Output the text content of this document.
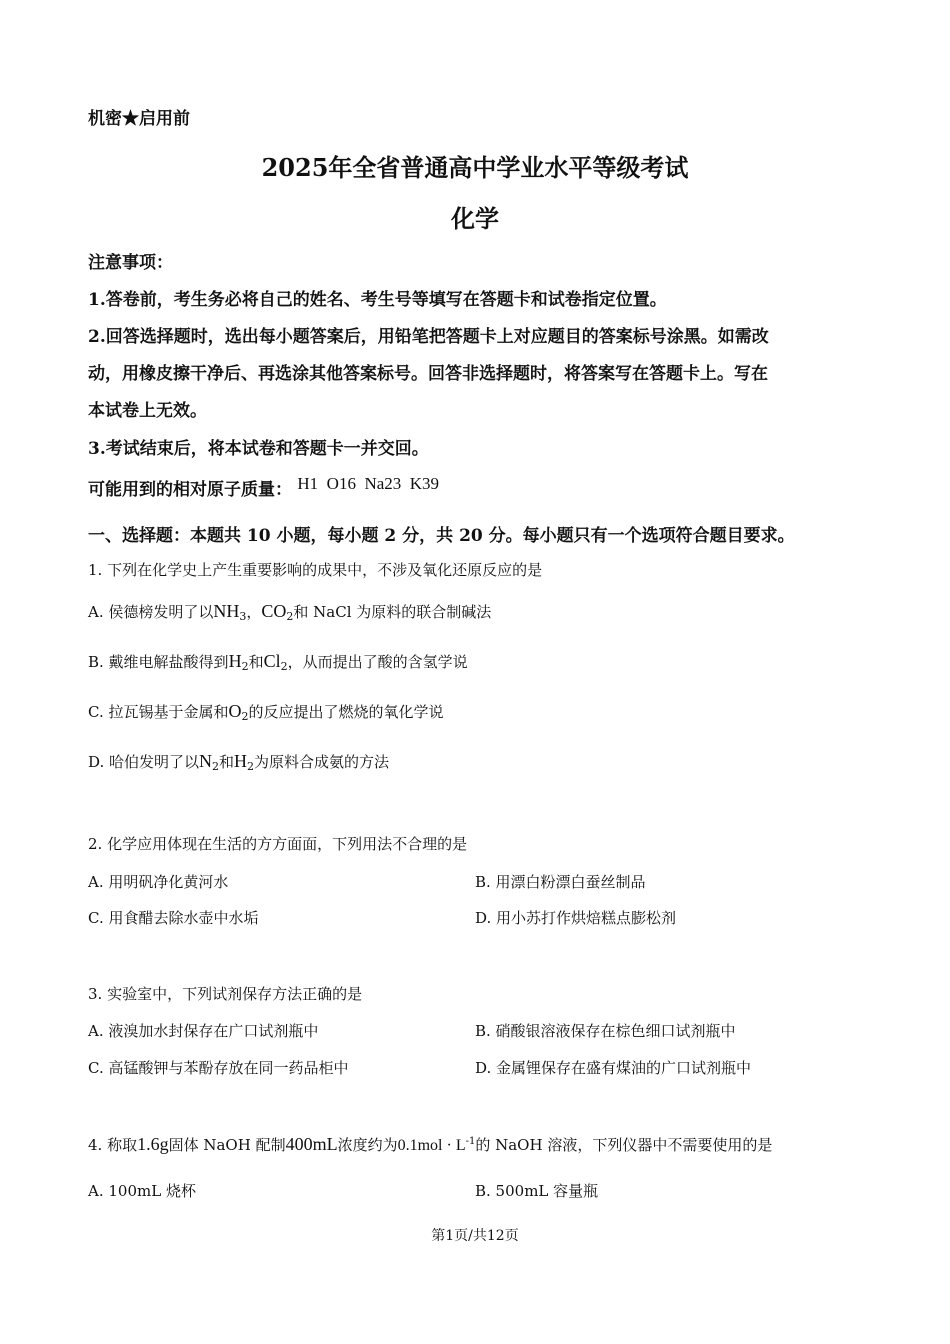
机密★启用前
2025年全省普通高中学业水平等级考试
化学
注意事项：
1.答卷前，考生务必将自己的姓名、考生号等填写在答题卡和试卷指定位置。
2.回答选择题时，选出每小题答案后，用铅笔把答题卡上对应题目的答案标号涂黑。如需改
动，用橡皮擦干净后、再选涂其他答案标号。回答非选择题时，将答案写在答题卡上。写在
本试卷上无效。
3.考试结束后，将本试卷和答题卡一并交回。
可能用到的相对原子质量： H1  O16  Na23  K39
一、选择题：本题共 10 小题，每小题 2 分，共 20 分。每小题只有一个选项符合题目要求。
1. 下列在化学史上产生重要影响的成果中，不涉及氧化还原反应的是
A. 侯德榜发明了以$NH_3$，$CO_2$和 NaCl 为原料的联合制碱法
B. 戴维电解盐酸得到$H_2$和$Cl_2$，从而提出了酸的含氢学说
C. 拉瓦锡基于金属和$O_2$的反应提出了燃烧的氧化学说
D. 哈伯发明了以$N_2$和$H_2$为原料合成氨的方法
2. 化学应用体现在生活的方方面面，下列用法不合理的是
A. 用明矾净化黄河水	B. 用漂白粉漂白蚕丝制品
C. 用食醋去除水壶中水垢	D. 用小苏打作烘焙糕点膨松剂
3. 实验室中，下列试剂保存方法正确的是
A. 液溴加水封保存在广口试剂瓶中	B. 硝酸银溶液保存在棕色细口试剂瓶中
C. 高锰酸钾与苯酚存放在同一药品柜中	D. 金属锂保存在盛有煤油的广口试剂瓶中
4. 称取1.6g固体 NaOH 配制400mL浓度约为$0.1mol \cdot L^{-1}$的 NaOH 溶液，下列仪器中不需要使用的是
A. 100mL 烧杯	B. 500mL 容量瓶
第1页/共12页
